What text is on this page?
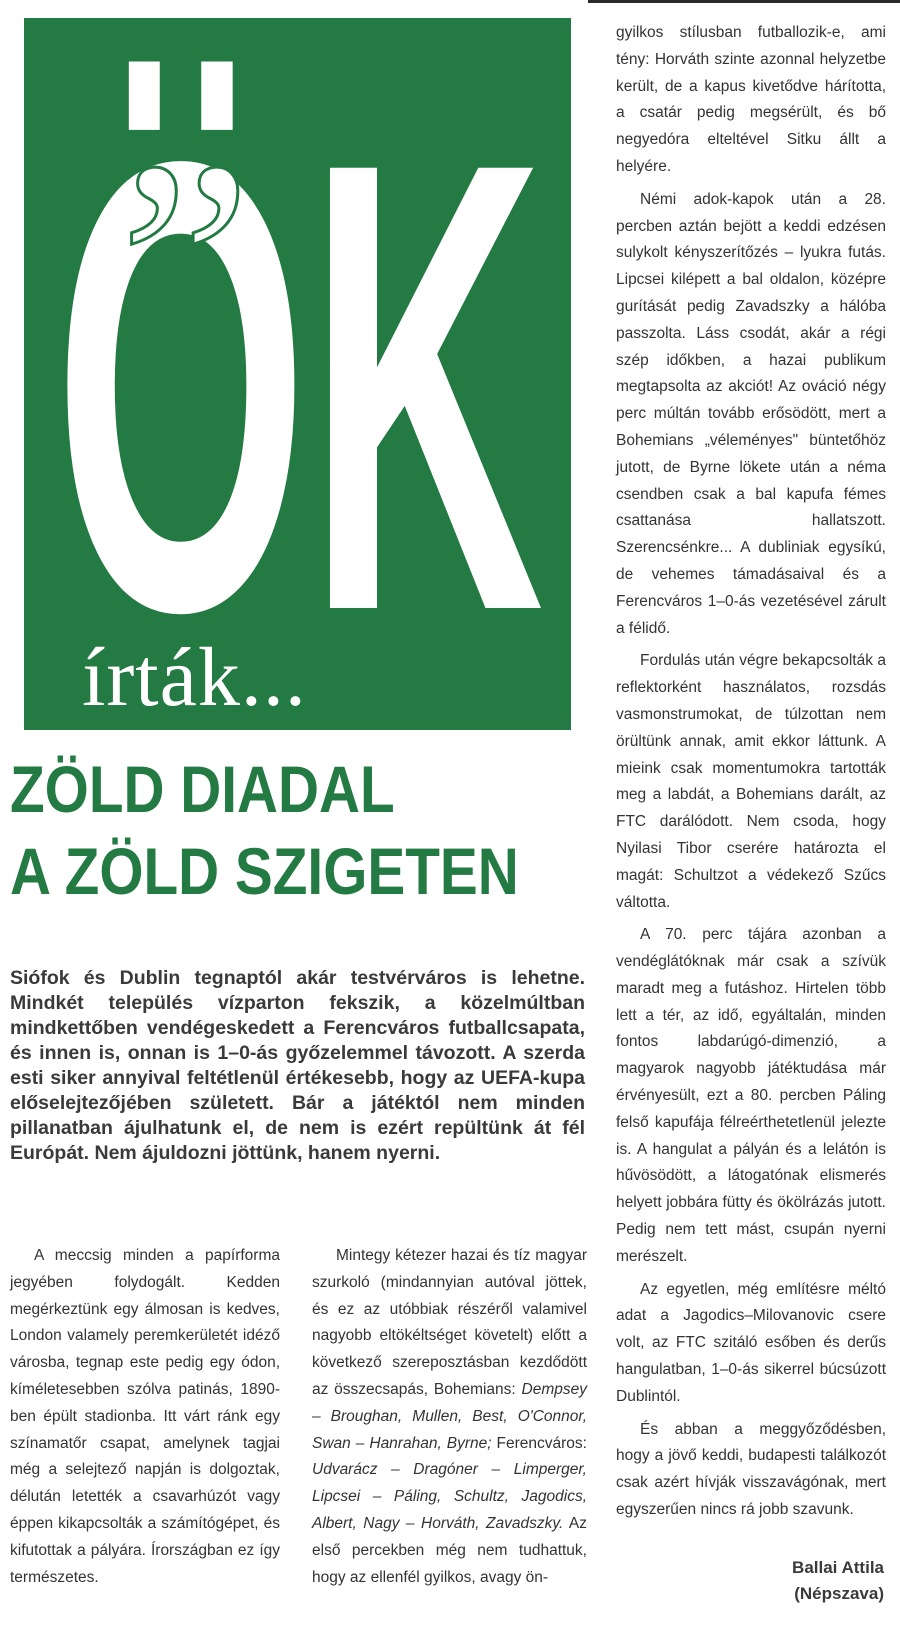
ÖK
„
írták...
ZÖLD DIADAL
A ZÖLD SZIGETEN

Siófok és Dublin tegnaptól akár testvérváros is lehetne. Mindkét település vízparton fekszik, a közelmúltban mindkettőben vendégeskedett a Ferencváros futballcsapata, és innen is, onnan is 1–0-ás győzelemmel távozott. A szerda esti siker annyival feltétlenül értékesebb, hogy az UEFA-kupa előselejtezőjében született. Bár a játéktól nem minden pillanatban ájulhatunk el, de nem is ezért repültünk át fél Európát. Nem ájuldozni jöttünk, hanem nyerni.

A meccsig minden a papírforma jegyében folydogált. Kedden megérkeztünk egy álmosan is kedves, London valamely peremkerületét idéző városba, tegnap este pedig egy ódon, kíméletesebben szólva patinás, 1890-ben épült stadionba. Itt várt ránk egy színamatőr csapat, amelynek tagjai még a selejtező napján is dolgoztak, délután letették a csavarhúzót vagy éppen kikapcsolták a számítógépet, és kifutottak a pályára. Írországban ez így természetes.

Mintegy kétezer hazai és tíz magyar szurkoló (mindannyian autóval jöttek, és ez az utóbbiak részéről valamivel nagyobb eltökéltséget követelt) előtt a következő szereposztásban kezdődött az összecsapás, Bohemians: Dempsey – Broughan, Mullen, Best, O'Connor, Swan – Hanrahan, Byrne; Ferencváros: Udvarácz – Dragóner – Limperger, Lipcsei – Páling, Schultz, Jagodics, Albert, Nagy – Horváth, Zavadszky. Az első percekben még nem tudhattuk, hogy az ellenfél gyilkos, avagy ön-

gyilkos stílusban futballozik-e, ami tény: Horváth szinte azonnal helyzetbe került, de a kapus kivetődve hárította, a csatár pedig megsérült, és bő negyedóra elteltével Sitku állt a helyére.

Némi adok-kapok után a 28. percben aztán bejött a keddi edzésen sulykolt kényszerítőzés – lyukra futás. Lipcsei kilépett a bal oldalon, középre gurítását pedig Zavadszky a hálóba passzolta. Láss csodát, akár a régi szép időkben, a hazai publikum megtapsolta az akciót! Az ováció négy perc múltán tovább erősödött, mert a Bohemians „véleményes" büntetőhöz jutott, de Byrne lökete után a néma csendben csak a bal kapufa fémes csattanása hallatszott. Szerencsénkre... A dubliniak egysíkú, de vehemes támadásaival és a Ferencváros 1–0-ás vezetésével zárult a félidő.

Fordulás után végre bekapcsolták a reflektorként használatos, rozsdás vasmonstrumokat, de túlzottan nem örültünk annak, amit ekkor láttunk. A mieink csak momentumokra tartották meg a labdát, a Bohemians darált, az FTC darálódott. Nem csoda, hogy Nyilasi Tibor cserére határozta el magát: Schultzot a védekező Szűcs váltotta.

A 70. perc tájára azonban a vendéglátóknak már csak a szívük maradt meg a futáshoz. Hirtelen több lett a tér, az idő, egyáltalán, minden fontos labdarúgó-dimenzió, a magyarok nagyobb játéktudása már érvényesült, ezt a 80. percben Páling felső kapufája félreérthetetlenül jelezte is. A hangulat a pályán és a lelátón is hűvösödött, a látogatónak elismerés helyett jobbára fütty és ökölrázás jutott. Pedig nem tett mást, csupán nyerni merészelt.

Az egyetlen, még említésre méltó adat a Jagodics–Milovanovic csere volt, az FTC szitáló esőben és derűs hangulatban, 1–0-ás sikerrel búcsúzott Dublintól.

És abban a meggyőződésben, hogy a jövő keddi, budapesti találkozót csak azért hívják visszavágónak, mert egyszerűen nincs rá jobb szavunk.

Ballai Attila
(Népszava)
